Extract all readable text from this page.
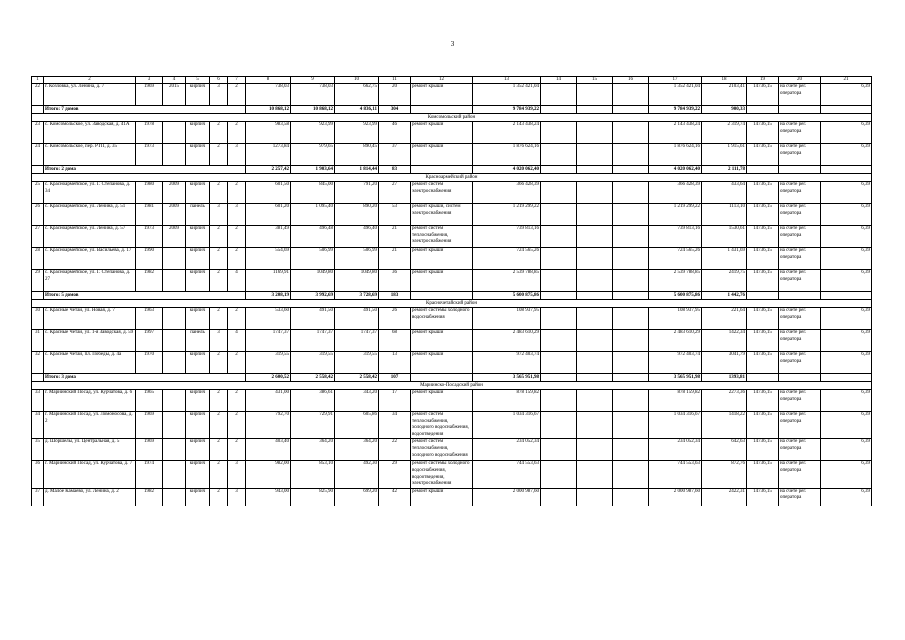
3
1	2	3	4	5	6	7	8	9	10	11	12	13	14	15	16	17	18	19	20	21
22	г. Козловка, ул. Ленина, д. 7	1969	2015	кирпич	3	2	738,03	738,03	662,75	20	ремонт крыши	1 352 421,04				1 352 421,04	2103,41	14736,15	на счете рег. оператора	6,39
	Итого: 7 домов						10 868,12	10 868,12	4 836,11	304		9 784 939,22				9 784 939,22	900,33			
Комсомольский район																				
23	с. Комсомольское, ул. Заводская, д. 41А	1978		кирпич	2	2	983,58	923,99	923,99	46	ремонт крыши	2 143 438,24				2 143 438,24	2 319,74	14736,15	на счете рег. оператора	6,39
24	с. Комсомольское, пер. РТП, д. 35	1973		кирпич	2	3	1273,84	979,65	890,45	37	ремонт крыши	1 876 624,16				1 876 624,16	1 915,61	14736,15	на счете рег. оператора	6,39
	Итого: 2 дома						2 257,42	1 903,64	1 814,44	83		4 020 062,40				4 020 062,40	2 111,78			
Красноармейский район																				
25	с. Красноармейское, ул. Г. Степанова, д. 34	1980	2009	кирпич	2	2	601,50	845,00	791,20	27	ремонт систем электроснабжения	366 428,39				366 428,39	433,64	14736,15	на счете рег. оператора	6,39
26	с. Красноармейское, ул. Ленина, д. 51	1981	2009	панель	3	3	601,20	1 095,40	890,20	53	ремонт крыши, систем электроснабжения	1 219 299,22				1 219 299,22	1113,10	14736,15	на счете рег. оператора	6,39
27	с. Красноармейское, ул. Ленина, д. 57	1973	2009	кирпич	2	2	381,49	496,48	496,40	21	ремонт систем теплоснабжения, электроснабжения	739 813,16				739 813,16	1530,61	14736,15	на счете рег. оператора	6,39
28	с. Красноармейское, ул. Васильева, д. 17	1990		кирпич	2	2	554,69	506,99	506,99	21	ремонт крыши	724 565,26				724 565,26	1 431,69	14736,15	на счете рег. оператора	6,39
29	с. Красноармейское, ул. Г. Степанова, д. 27	1982		кирпич	2	4	1169,91	1049,80	1049,80	36	ремонт крыши	2 539 788,85				2 539 788,85	2419,75	14736,15	на счете рег. оператора	6,39
	Итого: 5 домов						3 208,19	3 992,69	3 728,69	183		5 600 875,86				5 600 875,86	1 442,76			
Красночетайский район																				
30	с. Красные Четаи, ул. Новая, д. 7	1963		кирпич	2	2	533,60	491,50	491,50	26	ремонт системы холодного водоснабжения	108 937,95				108 937,95	221,64	14736,15	на счете рег. оператора	6,39
31	с. Красные Четаи, ул. 1-я Заводская, д. 59	1997		панель	3	4	1747,37	1747,37	1747,37	68	ремонт крыши	2 483 610,29				2 483 610,29	1422,34	14736,15	на счете рег. оператора	6,39
32	с. Красные Четаи, пл. Победы, д. 4а	1970		кирпич	2	2	319,55	319,55	319,55	13	ремонт крыши	972 403,74				972 403,74	3041,79	14736,15	на счете рег. оператора	6,39
	Итого: 3 дома						2 600,52	2 558,42	2 558,42	107		3 565 951,98				3 565 951,98	1393,81			
Мариинско-Посадский район																				
33	г. Мариинский Посад, ул. Курчатова, д. 6	1965		кирпич	2	2	431,00	386,61	343,20	17	ремонт крыши	878 159,82				878 159,82	2273,36	14736,15	на счете рег. оператора	6,39
34	г. Мариинский Посад, ул. Ломоносова, д. 2	1969		кирпич	2	2	792,70	729,91	605,86	34	ремонт систем теплоснабжения, холодного водоснабжения, водоотведения	1 034 316,67				1 034 316,67	1418,22	14736,15	на счете рег. оператора	6,39
35	д. Шоршелы, ул. Центральная, д. 5	1969		кирпич	2	2	403,40	364,20	364,20	22	ремонт систем теплоснабжения, холодного водоснабжения	234 052,34				234 052,34	642,63	14736,15	на счете рег. оператора	6,39
36	г. Мариинский Посад, ул. Курчатова, д. 7	1974		кирпич	2	3	982,00	853,10	492,30	29	ремонт системы холодного водоснабжения, водоотведения, электроснабжения	744 553,63				744 553,63	872,76	14736,15	на счете рег. оператора	6,39
37	д. Малое Камаево, ул. Ленина, д. 2	1982		кирпич	2	3	943,00	825,90	699,20	42	ремонт крыши	2 000 987,60				2 000 987,60	2422,31	14736,15	на счете рег. оператора	6,39
